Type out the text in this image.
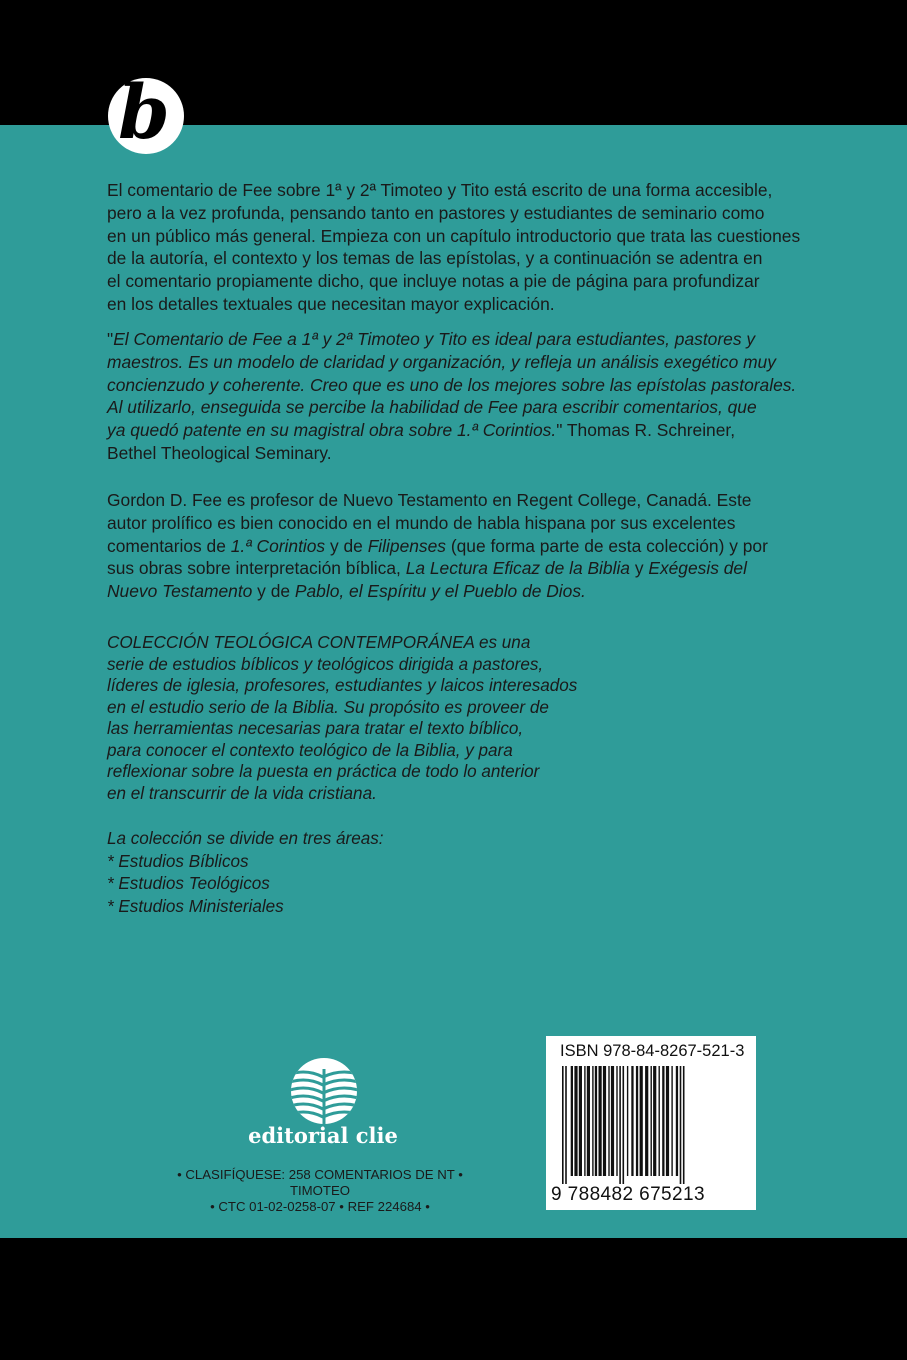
b
El comentario de Fee sobre 1ª y 2ª Timoteo y Tito está escrito de una forma accesible,
pero a la vez profunda, pensando tanto en pastores y estudiantes de seminario como
en un público más general. Empieza con un capítulo introductorio que trata las cuestiones
de la autoría, el contexto y los temas de las epístolas, y a continuación se adentra en
el comentario propiamente dicho, que incluye notas a pie de página para profundizar
en los detalles textuales que necesitan mayor explicación.
"El Comentario de Fee a 1ª y 2ª Timoteo y Tito es ideal para estudiantes, pastores y
maestros. Es un modelo de claridad y organización, y refleja un análisis exegético muy
concienzudo y coherente. Creo que es uno de los mejores sobre las epístolas pastorales.
Al utilizarlo, enseguida se percibe la habilidad de Fee para escribir comentarios, que
ya quedó patente en su magistral obra sobre 1.ª Corintios." Thomas R. Schreiner,
Bethel Theological Seminary.
Gordon D. Fee es profesor de Nuevo Testamento en Regent College, Canadá. Este
autor prolífico es bien conocido en el mundo de habla hispana por sus excelentes
comentarios de 1.ª Corintios y de Filipenses (que forma parte de esta colección) y por
sus obras sobre interpretación bíblica, La Lectura Eficaz de la Biblia y Exégesis del
Nuevo Testamento y de Pablo, el Espíritu y el Pueblo de Dios.
COLECCIÓN TEOLÓGICA CONTEMPORÁNEA es una
serie de estudios bíblicos y teológicos dirigida a pastores,
líderes de iglesia, profesores, estudiantes y laicos interesados
en el estudio serio de la Biblia. Su propósito es proveer de
las herramientas necesarias para tratar el texto bíblico,
para conocer el contexto teológico de la Biblia, y para
reflexionar sobre la puesta en práctica de todo lo anterior
en el transcurrir de la vida cristiana.
La colección se divide en tres áreas:
* Estudios Bíblicos
* Estudios Teológicos
* Estudios Ministeriales
editorial clie
• CLASIFÍQUESE: 258 COMENTARIOS DE NT •
TIMOTEO
• CTC 01-02-0258-07 • REF 224684 •
ISBN 978-84-8267-521-3
9 788482 675213
